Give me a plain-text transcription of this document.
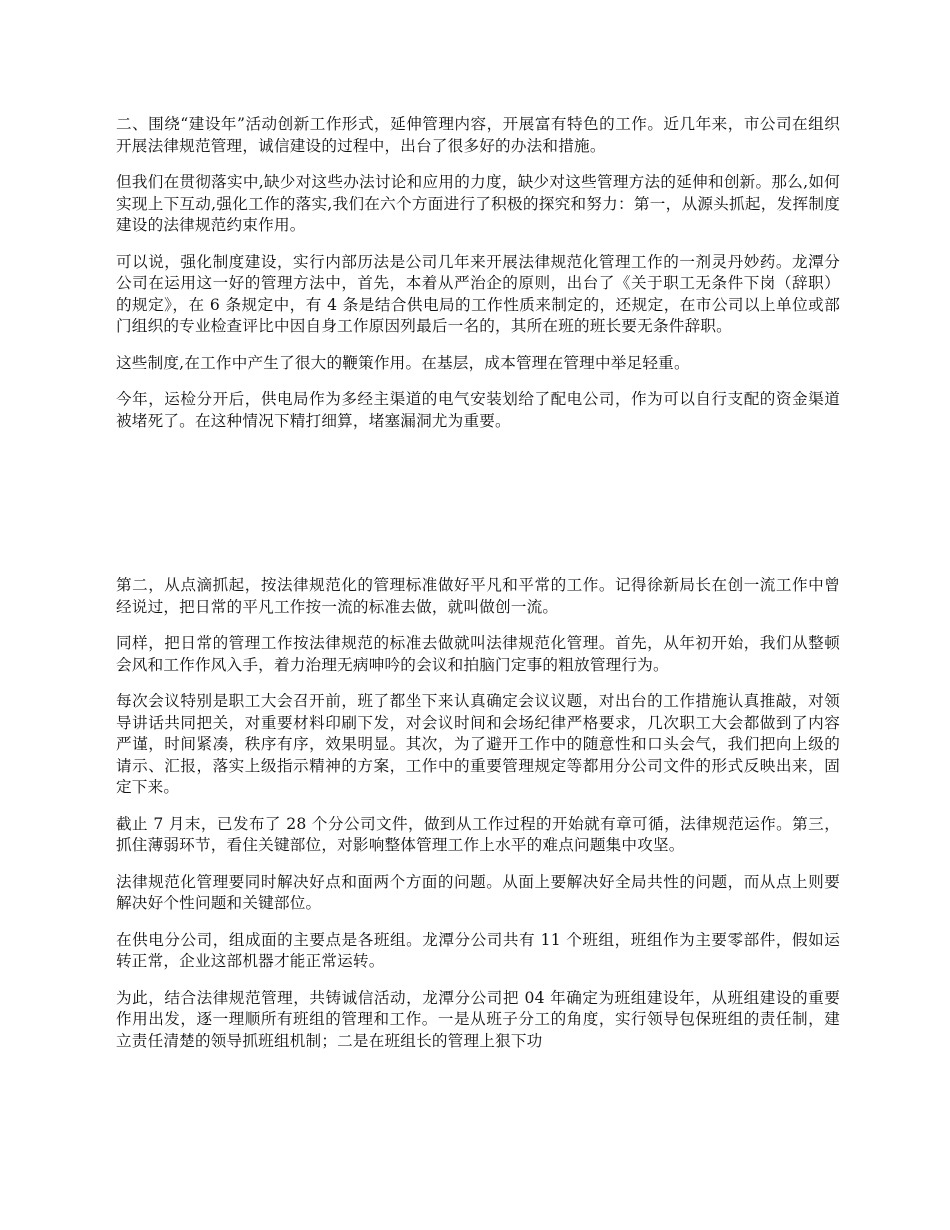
二、围绕“建设年”活动创新工作形式，延伸管理内容，开展富有特色的工作。近几年来，市公司在组织开展法律规范管理，诚信建设的过程中，出台了很多好的办法和措施。

但我们在贯彻落实中,缺少对这些办法讨论和应用的力度，缺少对这些管理方法的延伸和创新。那么,如何实现上下互动,强化工作的落实,我们在六个方面进行了积极的探究和努力：第一，从源头抓起，发挥制度建设的法律规范约束作用。

可以说，强化制度建设，实行内部历法是公司几年来开展法律规范化管理工作的一剂灵丹妙药。龙潭分公司在运用这一好的管理方法中，首先，本着从严治企的原则，出台了《关于职工无条件下岗（辞职）的规定》，在 6 条规定中，有 4 条是结合供电局的工作性质来制定的，还规定，在市公司以上单位或部门组织的专业检查评比中因自身工作原因列最后一名的，其所在班的班长要无条件辞职。

这些制度,在工作中产生了很大的鞭策作用。在基层，成本管理在管理中举足轻重。

今年，运检分开后，供电局作为多经主渠道的电气安装划给了配电公司，作为可以自行支配的资金渠道被堵死了。在这种情况下精打细算，堵塞漏洞尤为重要。

第二，从点滴抓起，按法律规范化的管理标准做好平凡和平常的工作。记得徐新局长在创一流工作中曾经说过，把日常的平凡工作按一流的标准去做，就叫做创一流。

同样，把日常的管理工作按法律规范的标准去做就叫法律规范化管理。首先，从年初开始，我们从整顿会风和工作作风入手，着力治理无病呻吟的会议和拍脑门定事的粗放管理行为。

每次会议特别是职工大会召开前，班了都坐下来认真确定会议议题，对出台的工作措施认真推敲，对领导讲话共同把关，对重要材料印刷下发，对会议时间和会场纪律严格要求，几次职工大会都做到了内容严谨，时间紧凑，秩序有序，效果明显。其次，为了避开工作中的随意性和口头会气，我们把向上级的请示、汇报，落实上级指示精神的方案，工作中的重要管理规定等都用分公司文件的形式反映出来，固定下来。

截止 7 月末，已发布了 28 个分公司文件，做到从工作过程的开始就有章可循，法律规范运作。第三，抓住薄弱环节，看住关键部位，对影响整体管理工作上水平的难点问题集中攻坚。

法律规范化管理要同时解决好点和面两个方面的问题。从面上要解决好全局共性的问题，而从点上则要解决好个性问题和关键部位。

在供电分公司，组成面的主要点是各班组。龙潭分公司共有 11 个班组，班组作为主要零部件，假如运转正常，企业这部机器才能正常运转。

为此，结合法律规范管理，共铸诚信活动，龙潭分公司把 04 年确定为班组建设年，从班组建设的重要作用出发，逐一理顺所有班组的管理和工作。一是从班子分工的角度，实行领导包保班组的责任制，建立责任清楚的领导抓班组机制；二是在班组长的管理上狠下功
